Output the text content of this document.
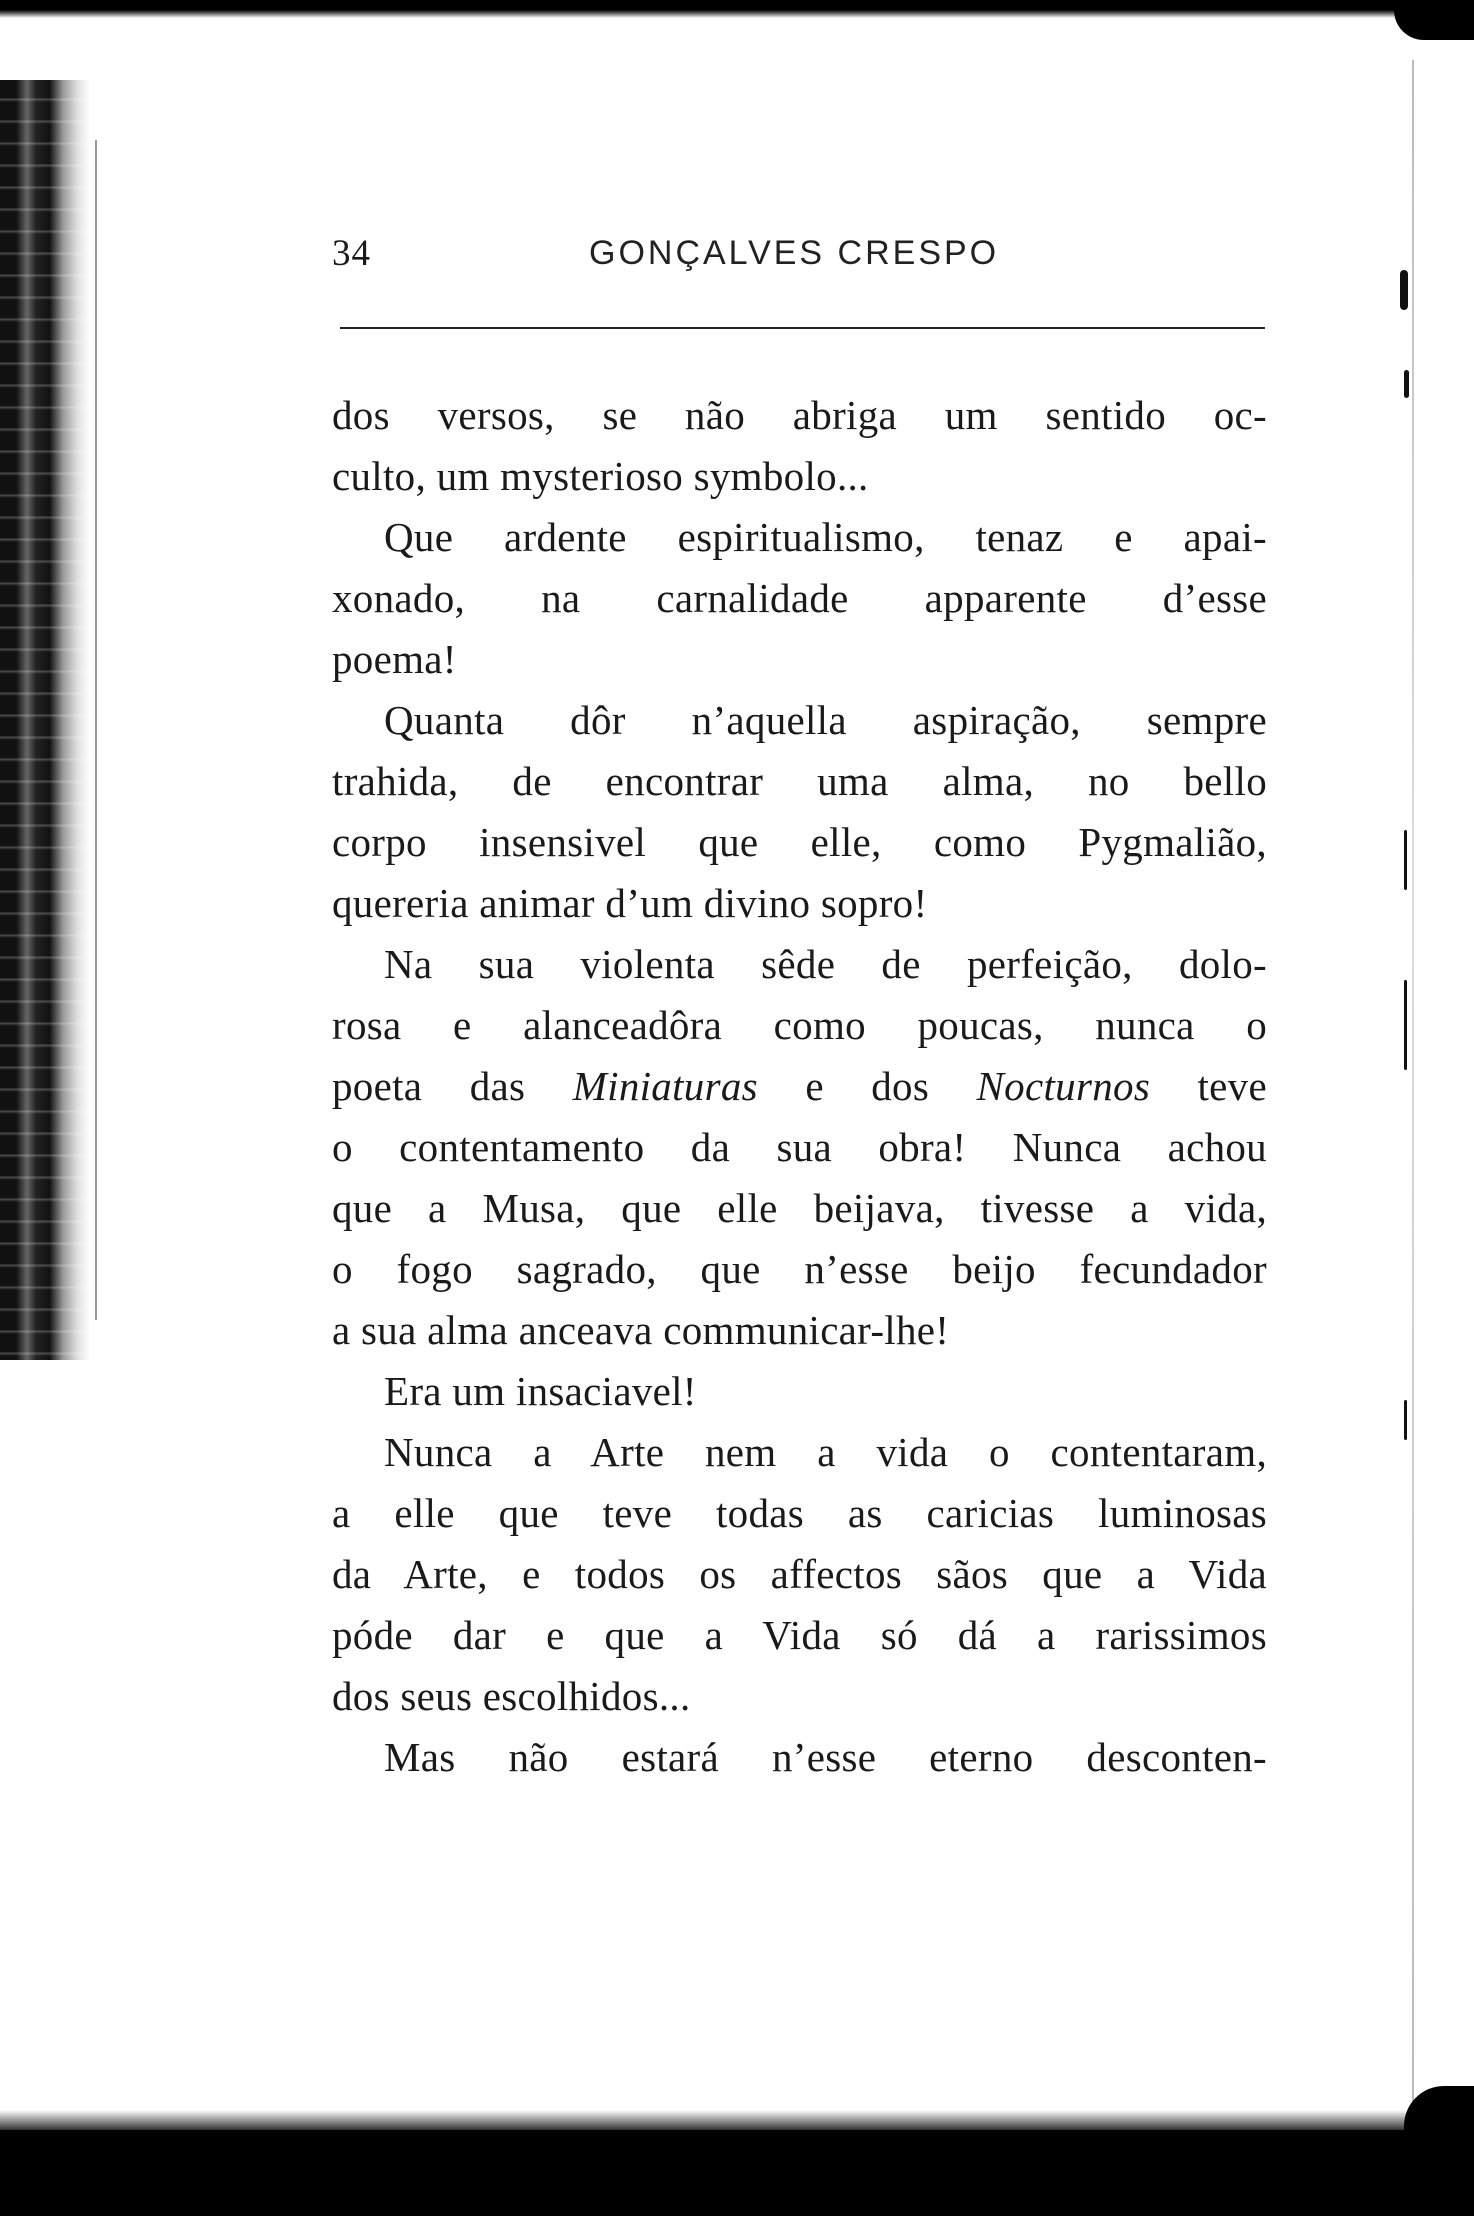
34	GONÇALVES CRESPO
dos versos, se não abriga um sentido oc-
culto, um mysterioso symbolo...
Que ardente espiritualismo, tenaz e apai-
xonado, na carnalidade apparente d’esse
poema!
Quanta dôr n’aquella aspiração, sempre
trahida, de encontrar uma alma, no bello
corpo insensivel que elle, como Pygmalião,
quereria animar d’um divino sopro!
Na sua violenta sêde de perfeição, dolo-
rosa e alanceadôra como poucas, nunca o
poeta das Miniaturas e dos Nocturnos teve
o contentamento da sua obra! Nunca achou
que a Musa, que elle beijava, tivesse a vida,
o fogo sagrado, que n’esse beijo fecundador
a sua alma anceava communicar-lhe!
Era um insaciavel!
Nunca a Arte nem a vida o contentaram,
a elle que teve todas as caricias luminosas
da Arte, e todos os affectos sãos que a Vida
póde dar e que a Vida só dá a rarissimos
dos seus escolhidos...
Mas não estará n’esse eterno desconten-
